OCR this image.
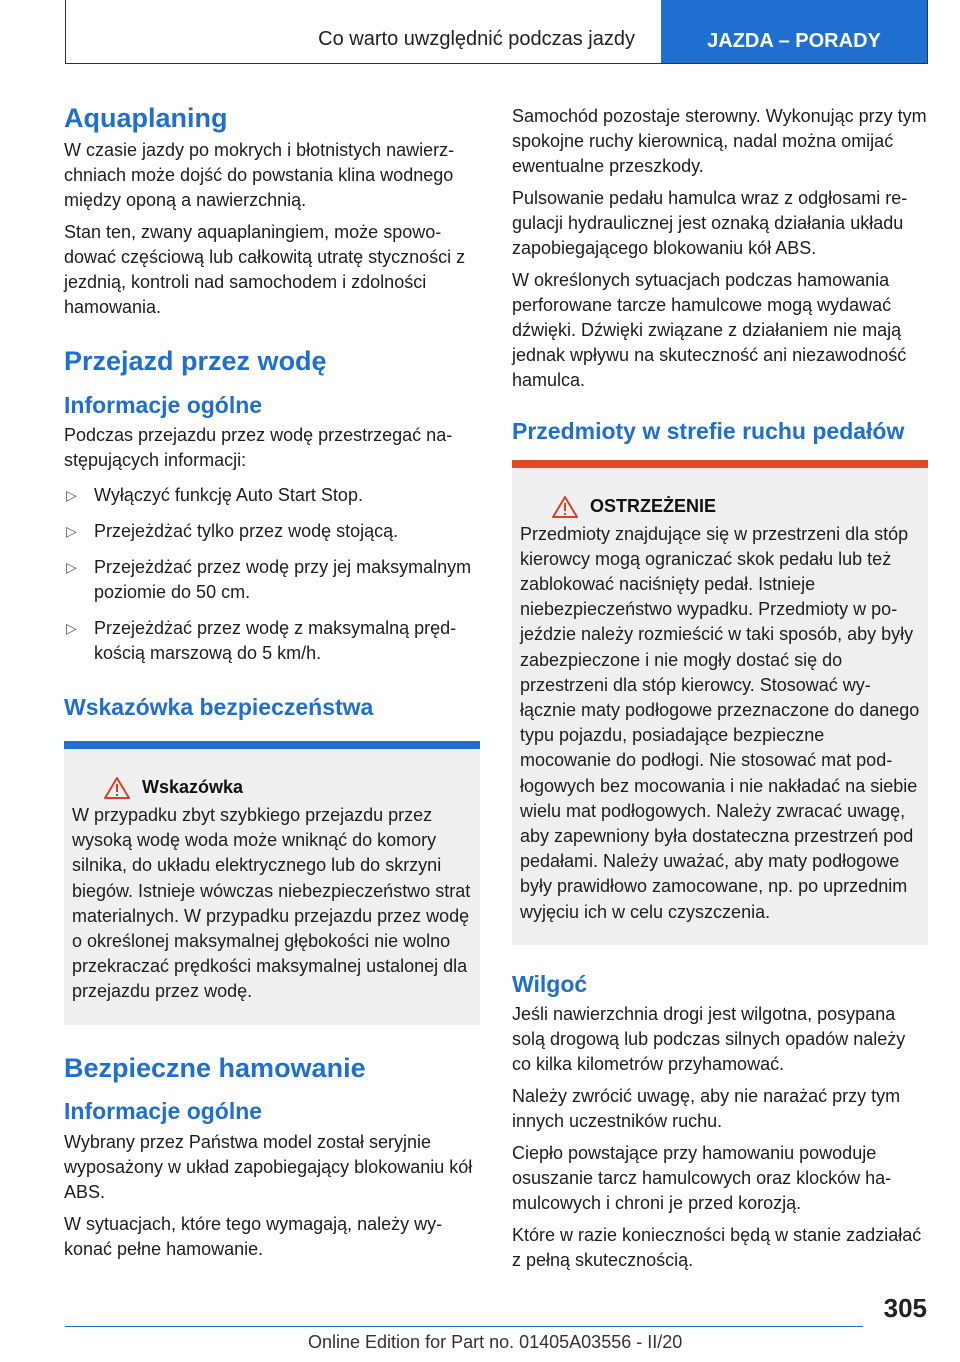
Co warto uwzględnić podczas jazdy	JAZDA – PORADY
Aquaplaning

W czasie jazdy po mokrych i błotnistych nawierzchniach może dojść do powstania klina wodnego między oponą a nawierzchnią.

Stan ten, zwany aquaplaningiem, może spowodować częściową lub całkowitą utratę styczności z jezdnią, kontroli nad samochodem i zdolności hamowania.

Przejazd przez wodę
Informacje ogólne

Podczas przejazdu przez wodę przestrzegać następujących informacji:

▷ Wyłączyć funkcję Auto Start Stop.
▷ Przejeżdżać tylko przez wodę stojącą.
▷ Przejeżdżać przez wodę przy jej maksymalnym poziomie do 50 cm.
▷ Przejeżdżać przez wodę z maksymalną prędkością marszową do 5 km/h.
Wskazówka bezpieczeństwa
Wskazówka

W przypadku zbyt szybkiego przejazdu przez wysoką wodę woda może wniknąć do komory silnika, do układu elektrycznego lub do skrzyni biegów. Istnieje wówczas niebezpieczeństwo strat materialnych. W przypadku przejazdu przez wodę o określonej maksymalnej głębokości nie wolno przekraczać prędkości maksymalnej ustalonej dla przejazdu przez wodę.

Bezpieczne hamowanie
Informacje ogólne

Wybrany przez Państwa model został seryjnie wyposażony w układ zapobiegający blokowaniu kół ABS.

W sytuacjach, które tego wymagają, należy wykonać pełne hamowanie.

Samochód pozostaje sterowny. Wykonując przy tym spokojne ruchy kierownicą, nadal można omijać ewentualne przeszkody.

Pulsowanie pedału hamulca wraz z odgłosami regulacji hydraulicznej jest oznaką działania układu zapobiegającego blokowaniu kół ABS.

W określonych sytuacjach podczas hamowania perforowane tarcze hamulcowe mogą wydawać dźwięki. Dźwięki związane z działaniem nie mają jednak wpływu na skuteczność ani niezawodność hamulca.

Przedmioty w strefie ruchu pedałów
OSTRZEŻENIE

Przedmioty znajdujące się w przestrzeni dla stóp kierowcy mogą ograniczać skok pedału lub też zablokować naciśnięty pedał. Istnieje niebezpieczeństwo wypadku. Przedmioty w pojeździe należy rozmieścić w taki sposób, aby były zabezpieczone i nie mogły dostać się do przestrzeni dla stóp kierowcy. Stosować wyłącznie maty podłogowe przeznaczone do danego typu pojazdu, posiadające bezpieczne mocowanie do podłogi. Nie stosować mat podłogowych bez mocowania i nie nakładać na siebie wielu mat podłogowych. Należy zwracać uwagę, aby zapewniony była dostateczna przestrzeń pod pedałami. Należy uważać, aby maty podłogowe były prawidłowo zamocowane, np. po uprzednim wyjęciu ich w celu czyszczenia.

Wilgoć

Jeśli nawierzchnia drogi jest wilgotna, posypana solą drogową lub podczas silnych opadów należy co kilka kilometrów przyhamować.

Należy zwrócić uwagę, aby nie narażać przy tym innych uczestników ruchu.

Ciepło powstające przy hamowaniu powoduje osuszanie tarcz hamulcowych oraz klocków hamulcowych i chroni je przed korozją.

Które w razie konieczności będą w stanie zadziałać z pełną skutecznością.

305
Online Edition for Part no. 01405A03556 - II/20
